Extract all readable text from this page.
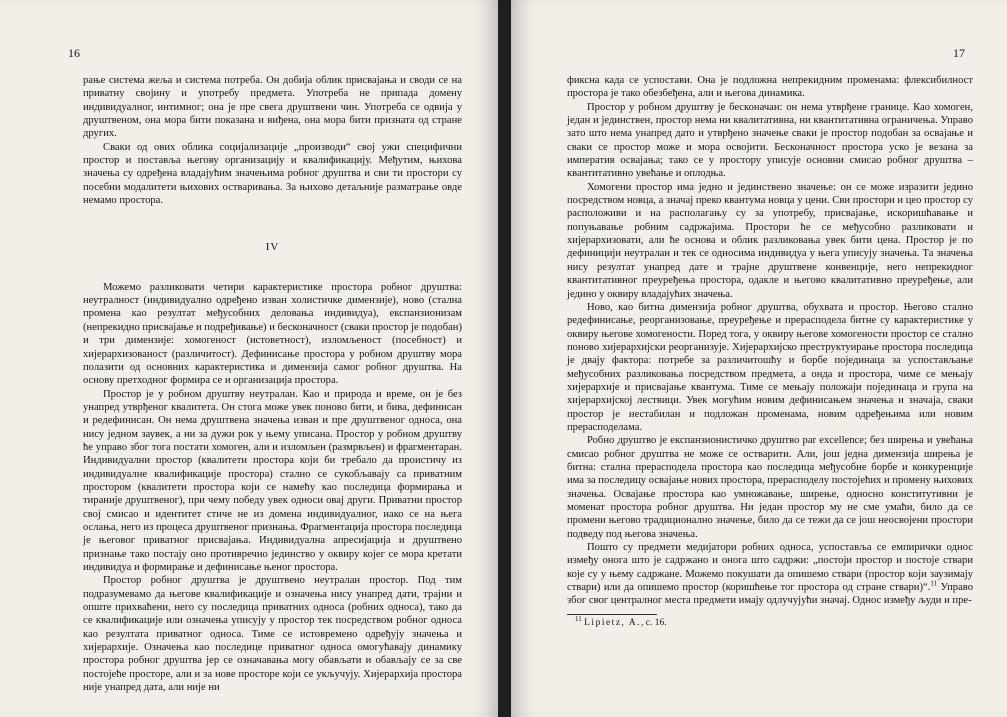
16

рање система жеља и система потреба. Он добија облик присвајања и своди се на приватну својину и употребу предмета. Употреба не припада домену индивидуалног, интимног; она је пре свега друштвени чин. Употреба се одвија у друштвеном, она мора бити показана и виђена, она мора бити призната од стране других.

Сваки од ових облика социјализације „производи“ свој ужи специфични простор и поставља његову организацију и квалификацију. Међутим, њихова значења су одређена владајућим значењима робног друштва и сви ти простори су посебни модалитети њихових остваривања. За њихово детаљније разматрање овде немамо простора.

IV

Можемо разликовати четири карактеристике простора робног друштва: неутралност (индивидуално одређено изван холистичке димензије), ново (стална промена као резултат међусобних деловања индивидуа), експанзионизам (непрекидно присвајање и подређивање) и бесконачност (сваки простор је подобан) и три димензије: хомогеност (истоветност), изломљеност (посебност) и хијерархизованост (различитост). Дефинисање простора у робном друштву мора полазити од основних карактеристика и димензија самог робног друштва. На основу претходног формира се и организација простора.

Простор је у робном друштву неутралан. Као и природа и време, он је без унапред утврђеног квалитета. Он стога може увек поново бити, и бива, дефинисан и редефинисан. Он нема друштвена значења изван и пре друштвеног односа, она нису једном заувек, а ни за дужи рок у њему уписана. Простор у робном друштву ће управо због тога постати хомоген, али и изломљен (размрвљен) и фрагментаран. Индивидуални простор (квалитети простора који би требало да проистичу из индивидуалне квалификације простора) стално се сукобљавају са приватним простором (квалитети простора који се намећу као последица формирања и тираније друштвеног), при чему победу увек односи овај други. Приватни простор свој смисао и идентитет стиче не из домена индивидуалног, иако се на њега ослања, него из процеса друштвеног признања. Фрагментација простора последица је његовог приватног присвајања. Индивидуална апресијација и друштвено признање тако постају оно противречно јединство у оквиру којег се мора кретати индивидуа и формирање и дефинисање њеног простора.

Простор робног друштва је друштвено неутралан простор. Под тим подразумевамо да његове квалификације и означења нису унапред дати, трајни и опште прихваћени, него су последица приватних односа (робних односа), тако да се квалификације или означења уписују у простор тек посредством робног односа као резултата приватног односа. Тиме се истовремено одређују значења и хијерархије. Означења као последице приватног односа омогућавају динамику простора робног друштва јер се означавања могу обављати и обављају се за све постојеће просторе, али и за нове просторе који се укључују. Хијерархија простора није унапред дата, али није ни

17

фиксна када се успостави. Она је подложна непрекидним променама: флексибилност простора је тако обезбеђена, али и његова динамика.

Простор у робном друштву је бесконачан: он нема утврђене границе. Као хомоген, један и јединствен, простор нема ни квалитативна, ни квантитативна ограничења. Управо зато што нема унапред дато и утврђено значење сваки је простор подобан за освајање и сваки се простор може и мора освојити. Бесконачност простора уско је везана за императив освајања; тако се у простору уписује основни смисао робног друштва – квантитативно увећање и оплодња.

Хомогени простор има једно и јединствено значење: он се може изразити једино посредством новца, а значај преко квантума новца у цени. Сви простори и цео простор су расположиви и на располагању су за употребу, присвајање, искоришћавање и попуњавање робним садржајима. Простори ће се међусобно разликовати и хијерархизовати, али ће основа и облик разликовања увек бити цена. Простор је по дефиницији неутралан и тек се односима индивидуа у њега уписују значења. Та значења нису резултат унапред дате и трајне друштвене конвенције, него непрекидног квантитативног преуређења простора, одакле и његово квалитативно преуређење, али једино у оквиру владајућих значења.

Ново, као битна димензија робног друштва, обухвата и простор. Његово стално редефинисање, реорганизовање, преуређење и прерасподела битне су карактеристике у оквиру његове хомогености. Поред тога, у оквиру његове хомогености простор се стално поново хијерархијски реорганизује. Хијерархијско преструктуирање простора последица је двају фактора: потребе за различитошћу и борбе појединаца за успостављање међусобних разликовања посредством предмета, а онда и простора, чиме се мењају хијерархије и присвајање квантума. Тиме се мењају положаји појединаца и група на хијерархијској лествици. Увек могућим новим дефинисањем значења и значаја, сваки простор је нестабилан и подложан променама, новим одређењима или новим прерасподелама.

Робно друштво је експанзионистичко друштво par excellence; без ширења и увећања смисао робног друштва не може се остварити. Али, још једна димензија ширења је битна: стална прерасподела простора као последица међусобне борбе и конкуренције има за последицу освајање нових простора, прерасподелу постојећих и промену њихових значења. Освајање простора као умножавање, ширење, односно конститутивни је моменат простора робног друштва. Ни један простор му не сме умаћи, било да се промени његово традиционално значење, било да се тежи да се још неосвојени простори подведу под његова значења.

Пошто су предмети медијатори робних односа, успоставља се емпирички однос између онога што је садржано и онога што садржи: „постоји простор и постоје ствари које су у њему садржане. Можемо покушати да опишемо ствари (простор који заузимају ствари) или да опишемо простор (коришћење тог простора од стране ствари)“.$^{11}$ Управо због свог централног места предмети имају одлучујући значај. Однос између људи и пре-

$^{11}$ Lipietz, A., с. 16.
